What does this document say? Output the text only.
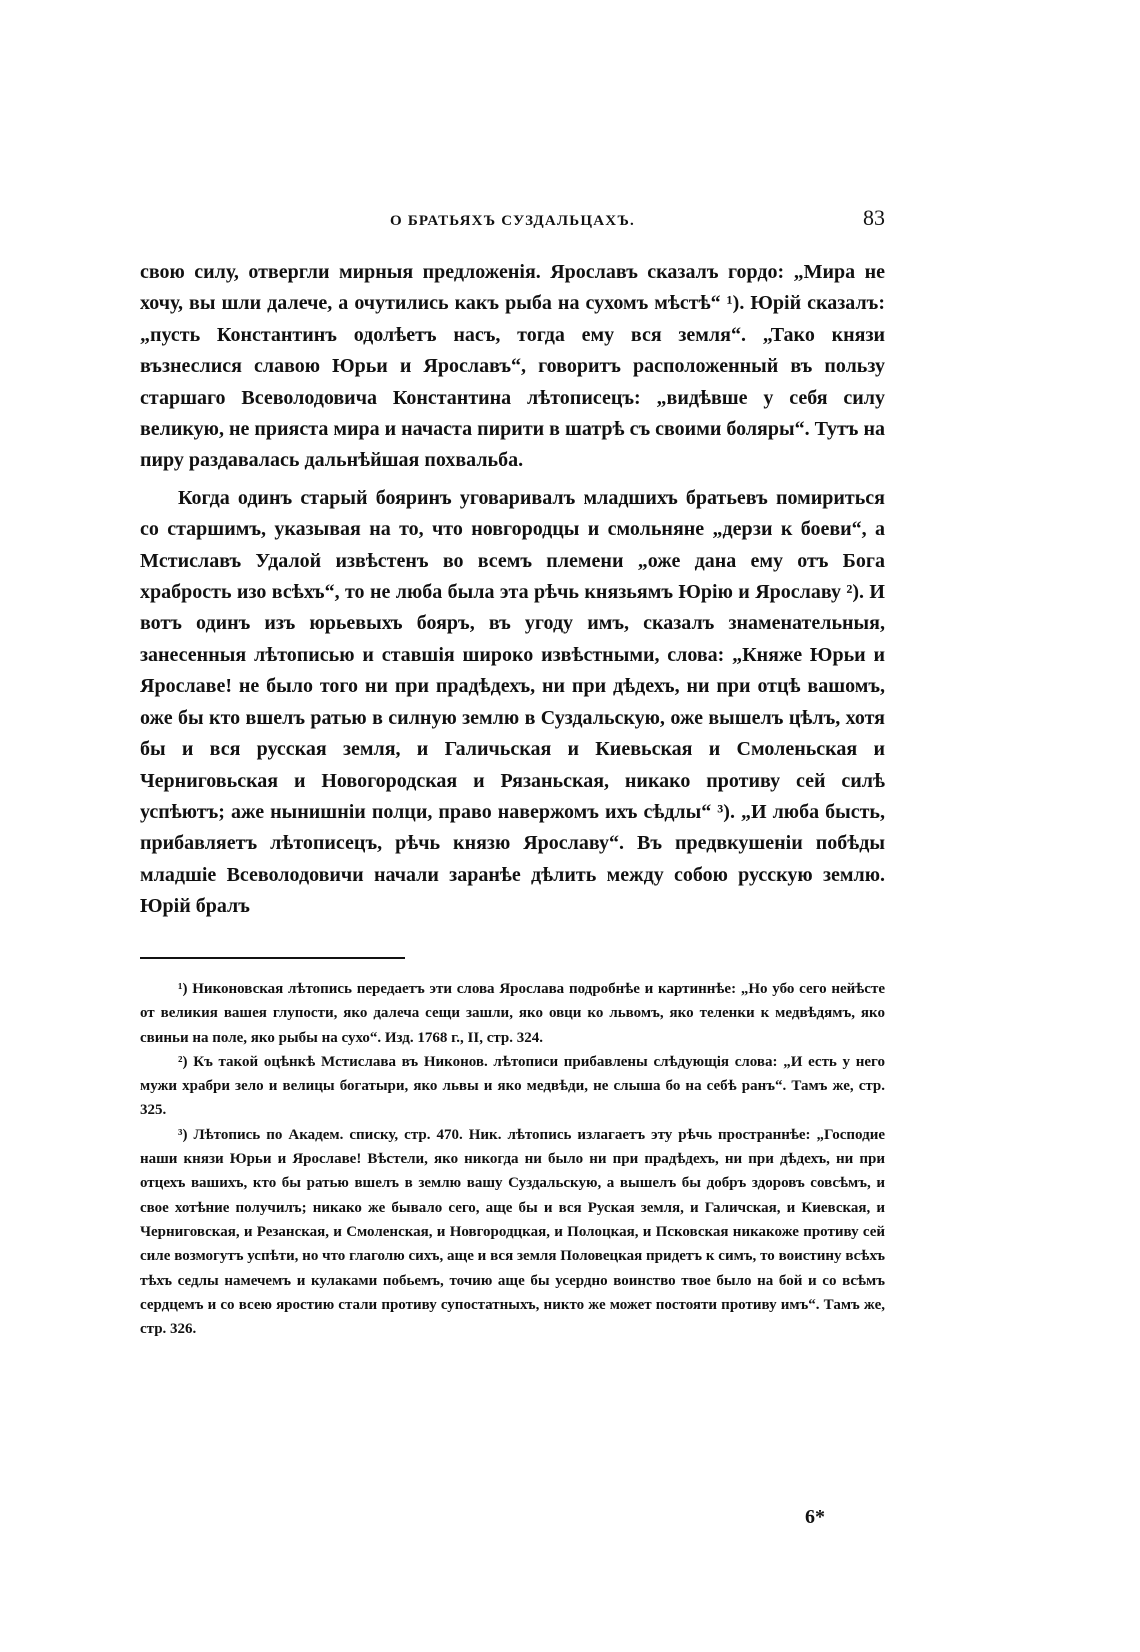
О БРАТЬЯХЪ СУЗДАЛЬЦАХЪ.	83

свою силу, отвергли мирныя предложенія. Ярославъ сказалъ гордо: „Мира не хочу, вы шли далече, а очутились какъ рыба на сухомъ мѣстѣ“ ¹). Юрій сказалъ: „пусть Константинъ одолѣетъ насъ, тогда ему вся земля“. „Тако князи възнеслися славою Юрьи и Ярославъ“, говоритъ расположенный въ пользу старшаго Всеволодовича Константина лѣтописецъ: „видѣвше у себя силу великую, не прияста мира и начаста пирити в шатрѣ съ своими боляры“. Тутъ на пиру раздавалась дальнѣйшая похвальба.

Когда одинъ старый бояринъ уговаривалъ младшихъ братьевъ помириться со старшимъ, указывая на то, что новгородцы и смольняне „дерзи к боеви“, а Мстиславъ Удалой извѣстенъ во всемъ племени „оже дана ему отъ Бога храбрость изо всѣхъ“, то не люба была эта рѣчь князьямъ Юрію и Ярославу ²). И вотъ одинъ изъ юрьевыхъ бояръ, въ угоду имъ, сказалъ знаменательныя, занесенныя лѣтописью и ставшія широко извѣстными, слова: „Княже Юрьи и Ярославе! не было того ни при прадѣдехъ, ни при дѣдехъ, ни при отцѣ вашомъ, оже бы кто вшелъ ратью в силную землю в Суздальскую, оже вышелъ цѣлъ, хотя бы и вся русская земля, и Галичьская и Киевьская и Смоленьская и Черниговьская и Новогородская и Рязаньская, никако противу сей силѣ успѣютъ; аже нынишніи полци, право навержомъ ихъ сѣдлы“ ³). „И люба бысть, прибавляетъ лѣтописецъ, рѣчь князю Ярославу“. Въ предвкушеніи побѣды младшіе Всеволодовичи начали заранѣе дѣлить между собою русскую землю. Юрій бралъ

¹) Никоновская лѣтопись передаетъ эти слова Ярослава подробнѣе и картиннѣе: „Но убо сего нейѣсте от великия вашея глупости, яко далеча сещи зашли, яко овци ко львомъ, яко теленки к медвѣдямъ, яко свиньи на поле, яко рыбы на сухо“. Изд. 1768 г., II, стр. 324.

²) Къ такой оцѣнкѣ Мстислава въ Никонов. лѣтописи прибавлены слѣдующія слова: „И есть у него мужи храбри зело и велицы богатыри, яко львы и яко медвѣди, не слыша бо на себѣ ранъ“. Тамъ же, стр. 325.

³) Лѣтопись по Академ. списку, стр. 470. Ник. лѣтопись излагаетъ эту рѣчь пространнѣе: „Господие наши князи Юрьи и Ярославе! Вѣстели, яко никогда ни было ни при прадѣдехъ, ни при дѣдехъ, ни при отцехъ вашихъ, кто бы ратью вшелъ в землю вашу Суздальскую, а вышелъ бы добръ здоровъ совсѣмъ, и свое хотѣние получилъ; никако же бывало сего, аще бы и вся Руская земля, и Галичская, и Киевская, и Черниговская, и Резанская, и Смоленская, и Новгородцкая, и Полоцкая, и Псковская никакоже противу сей силе возмогутъ успѣти, но что глаголю сихъ, аще и вся земля Половецкая придетъ к симъ, то воистину всѣхъ тѣхъ седлы намечемъ и кулаками побьемъ, точию аще бы усердно воинство твое было на бой и со всѣмъ сердцемъ и со всею яростию стали противу супостатныхъ, никто же может постояти противу имъ“. Тамъ же, стр. 326.

6*
